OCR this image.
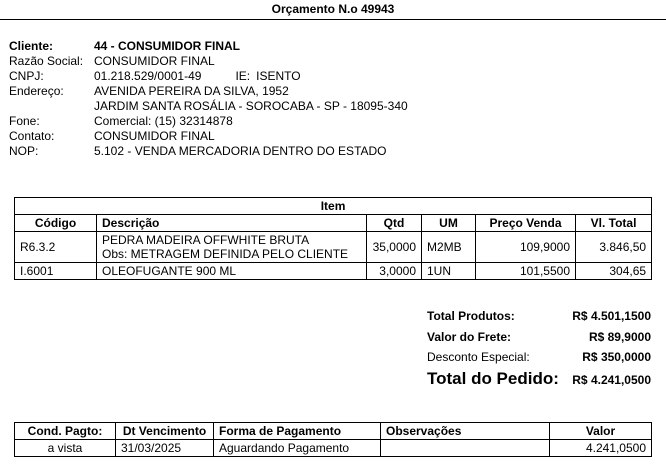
Orçamento N.o 49943
Cliente:	44 - CONSUMIDOR FINAL
Razão Social: CONSUMIDOR FINAL
CNPJ:	01.218.529/0001-49	IE: ISENTO
Endereço:	AVENIDA PEREIRA DA SILVA, 1952
JARDIM SANTA ROSÁLIA - SOROCABA - SP - 18095-340
Fone:	Comercial: (15) 32314878
Contato:	CONSUMIDOR FINAL
NOP:	5.102 - VENDA MERCADORIA DENTRO DO ESTADO
Item					
Código	Descrição	Qtd	UM	Preço Venda	Vl. Total
R6.3.2	PEDRA MADEIRA OFFWHITE BRUTA
Obs: METRAGEM DEFINIDA PELO CLIENTE	35,0000	M2MB	109,9000	3.846,50
I.6001	OLEOFUGANTE 900 ML	3,0000	1UN	101,5500	304,65
Total Produtos:	R$ 4.501,1500
Valor do Frete:	R$ 89,9000
Desconto Especial:	R$ 350,0000
Total do Pedido: R$ 4.241,0500
Cond. Pagto:	Dt Vencimento	Forma de Pagamento	Observações	Valor
a vista	31/03/2025	Aguardando Pagamento		4.241,0500
